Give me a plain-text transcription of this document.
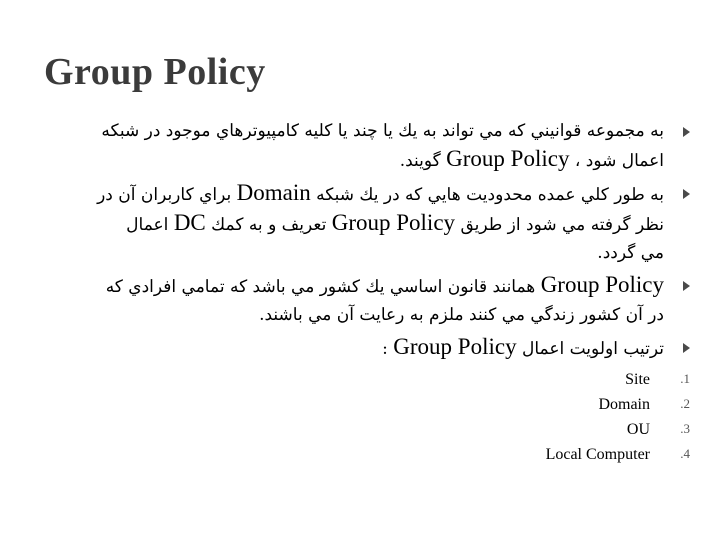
Group Policy
به مجموعه قوانيني كه مي تواند به يك يا چند يا كليه كامپيوترهاي موجود در شبكه
اعمال شود ، Group Policy گويند.
به طور كلي عمده محدوديت هايي كه در يك شبكه Domain براي كاربران آن در
نظر گرفته مي شود از طريق Group Policy تعريف و به كمك DC اعمال
مي گردد.
Group Policy همانند قانون اساسي يك كشور مي باشد كه تمامي افرادي كه
در آن كشور زندگي مي كنند ملزم به رعايت آن مي باشند.
ترتيب اولويت اعمال Group Policy :
1.
Site
2.
Domain
3.
OU
4.
Local Computer
